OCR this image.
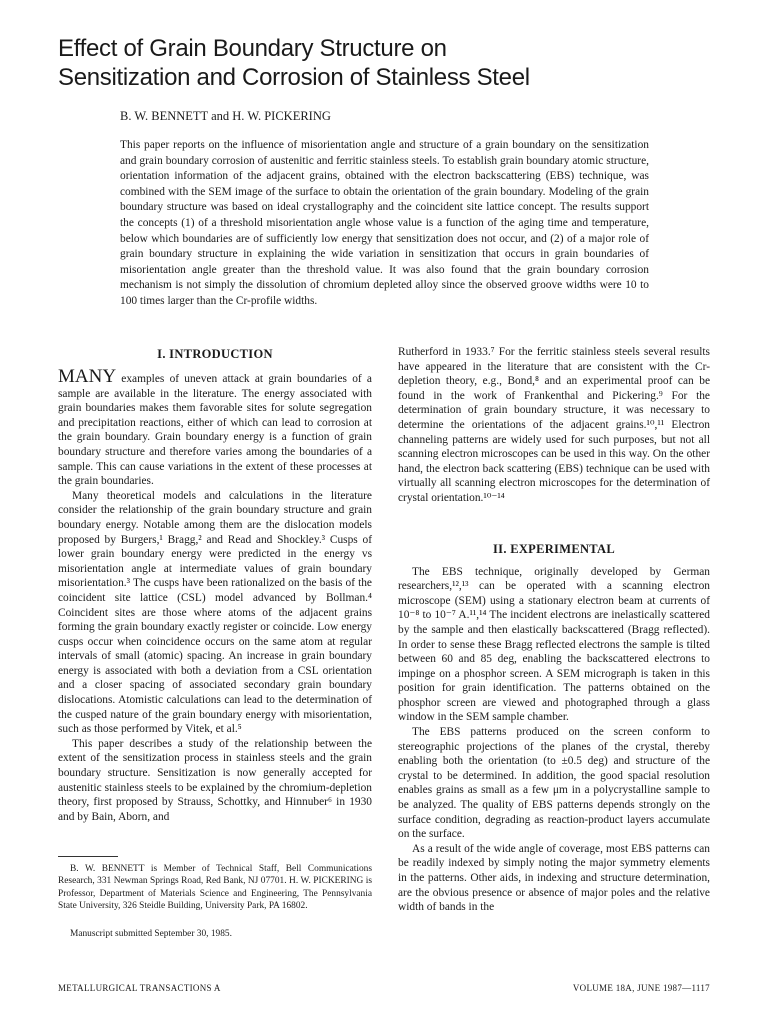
Effect of Grain Boundary Structure on
Sensitization and Corrosion of Stainless Steel
B. W. BENNETT and H. W. PICKERING

This paper reports on the influence of misorientation angle and structure of a grain boundary on the sensitization and grain boundary corrosion of austenitic and ferritic stainless steels. To establish grain boundary atomic structure, orientation information of the adjacent grains, obtained with the electron backscattering (EBS) technique, was combined with the SEM image of the surface to obtain the orientation of the grain boundary. Modeling of the grain boundary structure was based on ideal crystallography and the coincident site lattice concept. The results support the concepts (1) of a threshold misorientation angle whose value is a function of the aging time and temperature, below which boundaries are of sufficiently low energy that sensitization does not occur, and (2) of a major role of grain boundary structure in explaining the wide variation in sensitization that occurs in grain boundaries of misorientation angle greater than the threshold value. It was also found that the grain boundary corrosion mechanism is not simply the dissolution of chromium depleted alloy since the observed groove widths were 10 to 100 times larger than the Cr-profile widths.

I. INTRODUCTION

MANY examples of uneven attack at grain boundaries of a sample are available in the literature. The energy associated with grain boundaries makes them favorable sites for solute segregation and precipitation reactions, either of which can lead to corrosion at the grain boundary. Grain boundary energy is a function of grain boundary structure and therefore varies among the boundaries of a sample. This can cause variations in the extent of these processes at the grain boundaries.

Many theoretical models and calculations in the literature consider the relationship of the grain boundary structure and grain boundary energy. Notable among them are the dislocation models proposed by Burgers,¹ Bragg,² and Read and Shockley.³ Cusps of lower grain boundary energy were predicted in the energy vs misorientation angle at intermediate values of grain boundary misorientation.³ The cusps have been rationalized on the basis of the coincident site lattice (CSL) model advanced by Bollman.⁴ Coincident sites are those where atoms of the adjacent grains forming the grain boundary exactly register or coincide. Low energy cusps occur when coincidence occurs on the same atom at regular intervals of small (atomic) spacing. An increase in grain boundary energy is associated with both a deviation from a CSL orientation and a closer spacing of associated secondary grain boundary dislocations. Atomistic calculations can lead to the determination of the cusped nature of the grain boundary energy with misorientation, such as those performed by Vitek, et al.⁵

This paper describes a study of the relationship between the extent of the sensitization process in stainless steels and the grain boundary structure. Sensitization is now generally accepted for austenitic stainless steels to be explained by the chromium-depletion theory, first proposed by Strauss, Schottky, and Hinnuber⁶ in 1930 and by Bain, Aborn, and

B. W. BENNETT is Member of Technical Staff, Bell Communications Research, 331 Newman Springs Road, Red Bank, NJ 07701. H. W. PICKERING is Professor, Department of Materials Science and Engineering, The Pennsylvania State University, 326 Steidle Building, University Park, PA 16802.

Manuscript submitted September 30, 1985.

Rutherford in 1933.⁷ For the ferritic stainless steels several results have appeared in the literature that are consistent with the Cr-depletion theory, e.g., Bond,⁸ and an experimental proof can be found in the work of Frankenthal and Pickering.⁹ For the determination of grain boundary structure, it was necessary to determine the orientations of the adjacent grains.¹⁰,¹¹ Electron channeling patterns are widely used for such purposes, but not all scanning electron microscopes can be used in this way. On the other hand, the electron back scattering (EBS) technique can be used with virtually all scanning electron microscopes for the determination of crystal orientation.¹⁰⁻¹⁴

II. EXPERIMENTAL

The EBS technique, originally developed by German researchers,¹²,¹³ can be operated with a scanning electron microscope (SEM) using a stationary electron beam at currents of 10⁻⁸ to 10⁻⁷ A.¹¹,¹⁴ The incident electrons are inelastically scattered by the sample and then elastically backscattered (Bragg reflected). In order to sense these Bragg reflected electrons the sample is tilted between 60 and 85 deg, enabling the backscattered electrons to impinge on a phosphor screen. A SEM micrograph is taken in this position for grain identification. The patterns obtained on the phosphor screen are viewed and photographed through a glass window in the SEM sample chamber.

The EBS patterns produced on the screen conform to stereographic projections of the planes of the crystal, thereby enabling both the orientation (to ±0.5 deg) and structure of the crystal to be determined. In addition, the good spacial resolution enables grains as small as a few μm in a polycrystalline sample to be analyzed. The quality of EBS patterns depends strongly on the surface condition, degrading as reaction-product layers accumulate on the surface.

As a result of the wide angle of coverage, most EBS patterns can be readily indexed by simply noting the major symmetry elements in the patterns. Other aids, in indexing and structure determination, are the obvious presence or absence of major poles and the relative width of bands in the

METALLURGICAL TRANSACTIONS A	VOLUME 18A, JUNE 1987—1117
